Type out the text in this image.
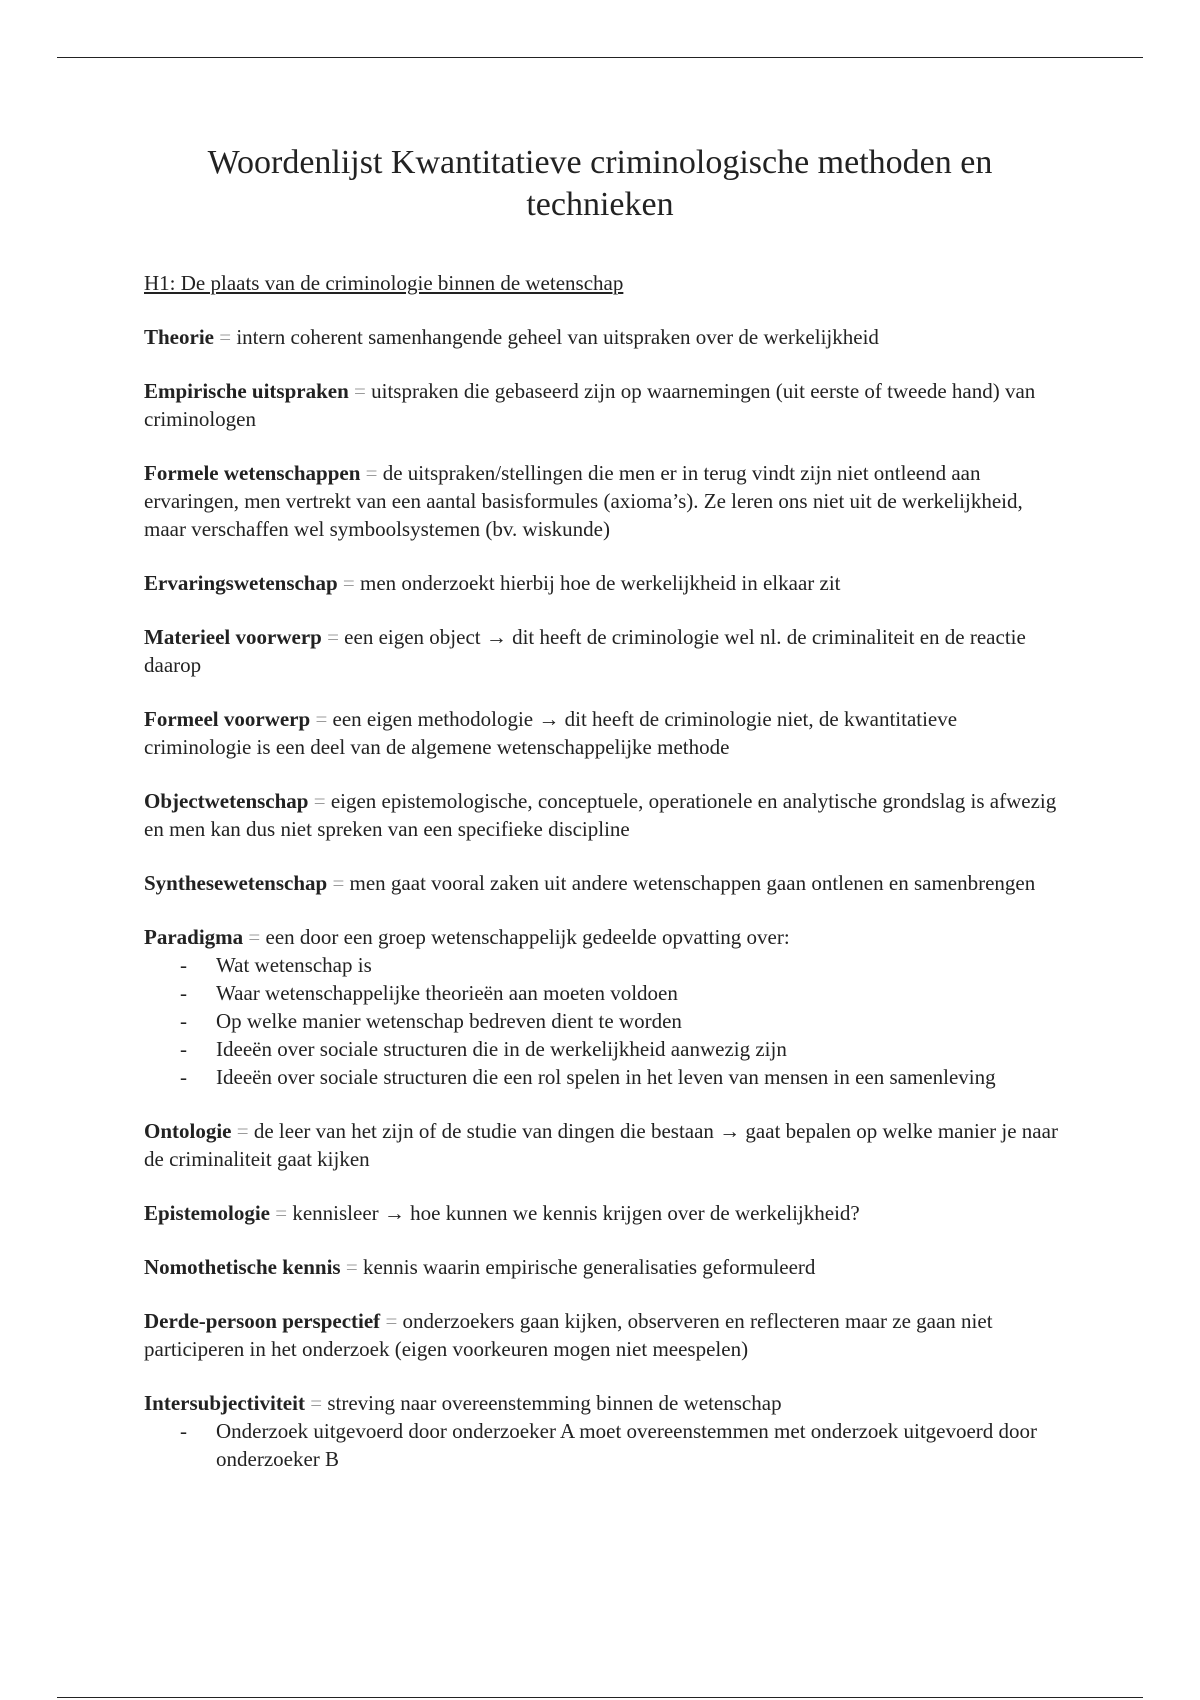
Woordenlijst Kwantitatieve criminologische methoden en technieken
H1: De plaats van de criminologie binnen de wetenschap
Theorie = intern coherent samenhangende geheel van uitspraken over de werkelijkheid
Empirische uitspraken = uitspraken die gebaseerd zijn op waarnemingen (uit eerste of tweede hand) van criminologen
Formele wetenschappen = de uitspraken/stellingen die men er in terug vindt zijn niet ontleend aan ervaringen, men vertrekt van een aantal basisformules (axioma’s). Ze leren ons niet uit de werkelijkheid, maar verschaffen wel symboolsystemen (bv. wiskunde)
Ervaringswetenschap = men onderzoekt hierbij hoe de werkelijkheid in elkaar zit
Materieel voorwerp = een eigen object → dit heeft de criminologie wel nl. de criminaliteit en de reactie daarop
Formeel voorwerp = een eigen methodologie → dit heeft de criminologie niet, de kwantitatieve criminologie is een deel van de algemene wetenschappelijke methode
Objectwetenschap = eigen epistemologische, conceptuele, operationele en analytische grondslag is afwezig en men kan dus niet spreken van een specifieke discipline
Synthesewetenschap = men gaat vooral zaken uit andere wetenschappen gaan ontlenen en samenbrengen
Paradigma = een door een groep wetenschappelijk gedeelde opvatting over:
- Wat wetenschap is
- Waar wetenschappelijke theorieën aan moeten voldoen
- Op welke manier wetenschap bedreven dient te worden
- Ideeën over sociale structuren die in de werkelijkheid aanwezig zijn
- Ideeën over sociale structuren die een rol spelen in het leven van mensen in een samenleving
Ontologie = de leer van het zijn of de studie van dingen die bestaan → gaat bepalen op welke manier je naar de criminaliteit gaat kijken
Epistemologie = kennisleer → hoe kunnen we kennis krijgen over de werkelijkheid?
Nomothetische kennis = kennis waarin empirische generalisaties geformuleerd
Derde-persoon perspectief = onderzoekers gaan kijken, observeren en reflecteren maar ze gaan niet participeren in het onderzoek (eigen voorkeuren mogen niet meespelen)
Intersubjectiviteit = streving naar overeenstemming binnen de wetenschap
- Onderzoek uitgevoerd door onderzoeker A moet overeenstemmen met onderzoek uitgevoerd door onderzoeker B
